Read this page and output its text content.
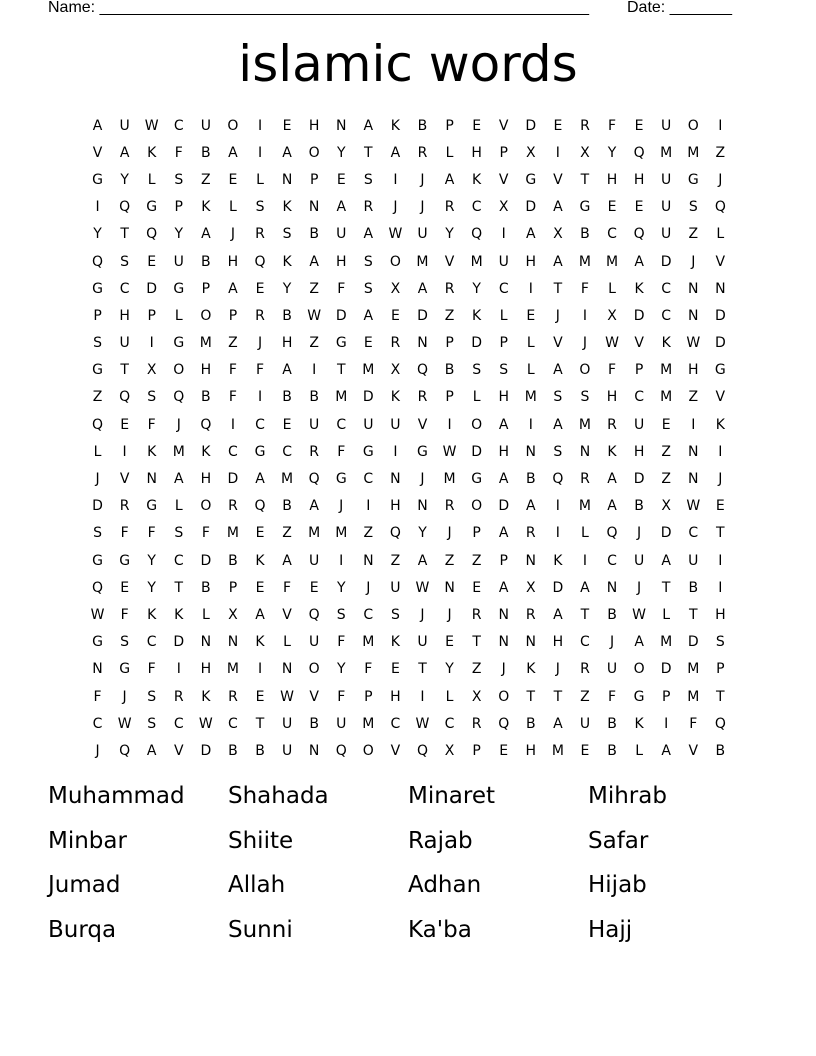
Name: _______________________________________________________ Date: _______
islamic words
A	U	W	C	U	O	I	E	H	N	A	K	B	P	E	V	D	E	R	F	E	U	O	I
V	A	K	F	B	A	I	A	O	Y	T	A	R	L	H	P	X	I	X	Y	Q	M	M	Z
G	Y	L	S	Z	E	L	N	P	E	S	I	J	A	K	V	G	V	T	H	H	U	G	J
I	Q	G	P	K	L	S	K	N	A	R	J	J	R	C	X	D	A	G	E	E	U	S	Q
Y	T	Q	Y	A	J	R	S	B	U	A	W	U	Y	Q	I	A	X	B	C	Q	U	Z	L
Q	S	E	U	B	H	Q	K	A	H	S	O	M	V	M	U	H	A	M	M	A	D	J	V
G	C	D	G	P	A	E	Y	Z	F	S	X	A	R	Y	C	I	T	F	L	K	C	N	N
P	H	P	L	O	P	R	B	W	D	A	E	D	Z	K	L	E	J	I	X	D	C	N	D
S	U	I	G	M	Z	J	H	Z	G	E	R	N	P	D	P	L	V	J	W	V	K	W	D
G	T	X	O	H	F	F	A	I	T	M	X	Q	B	S	S	L	A	O	F	P	M	H	G
Z	Q	S	Q	B	F	I	B	B	M	D	K	R	P	L	H	M	S	S	H	C	M	Z	V
Q	E	F	J	Q	I	C	E	U	C	U	U	V	I	O	A	I	A	M	R	U	E	I	K
L	I	K	M	K	C	G	C	R	F	G	I	G	W	D	H	N	S	N	K	H	Z	N	I
J	V	N	A	H	D	A	M	Q	G	C	N	J	M	G	A	B	Q	R	A	D	Z	N	J
D	R	G	L	O	R	Q	B	A	J	I	H	N	R	O	D	A	I	M	A	B	X	W	E
S	F	F	S	F	M	E	Z	M	M	Z	Q	Y	J	P	A	R	I	L	Q	J	D	C	T
G	G	Y	C	D	B	K	A	U	I	N	Z	A	Z	Z	P	N	K	I	C	U	A	U	I
Q	E	Y	T	B	P	E	F	E	Y	J	U	W	N	E	A	X	D	A	N	J	T	B	I
W	F	K	K	L	X	A	V	Q	S	C	S	J	J	R	N	R	A	T	B	W	L	T	H
G	S	C	D	N	N	K	L	U	F	M	K	U	E	T	N	N	H	C	J	A	M	D	S
N	G	F	I	H	M	I	N	O	Y	F	E	T	Y	Z	J	K	J	R	U	O	D	M	P
F	J	S	R	K	R	E	W	V	F	P	H	I	L	X	O	T	T	Z	F	G	P	M	T
C	W	S	C	W	C	T	U	B	U	M	C	W	C	R	Q	B	A	U	B	K	I	F	Q
J	Q	A	V	D	B	B	U	N	Q	O	V	Q	X	P	E	H	M	E	B	L	A	V	B
Muhammad	Shahada	Minaret	Mihrab
Minbar	Shiite	Rajab	Safar
Jumad	Allah	Adhan	Hijab
Burqa	Sunni	Ka'ba	Hajj
